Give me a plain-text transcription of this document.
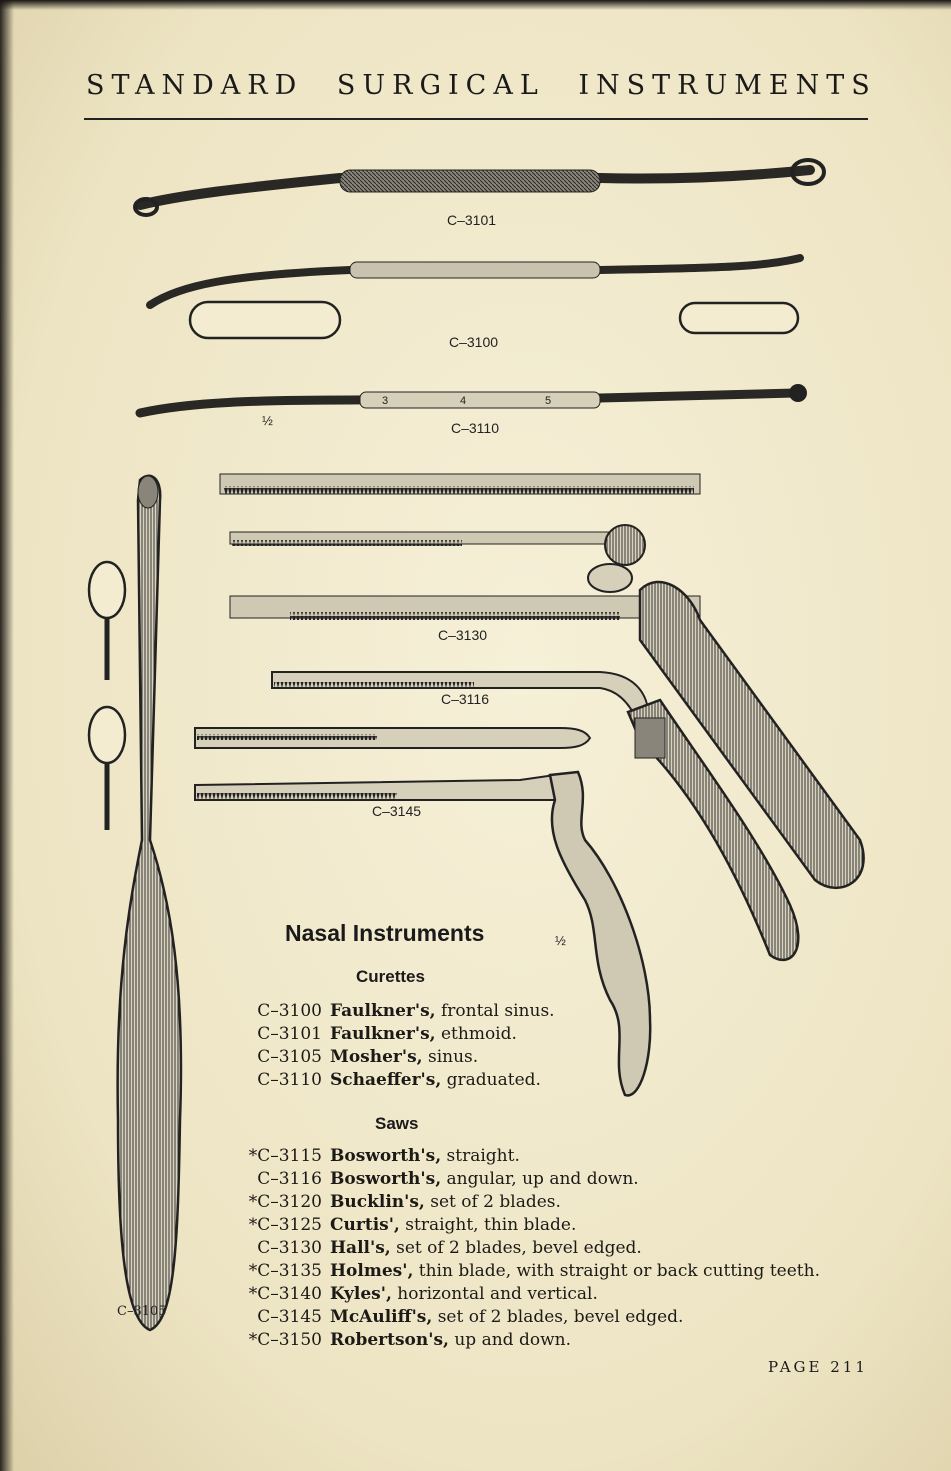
STANDARD SURGICAL INSTRUMENTS
C–3101
C–3100
3	4	5
½	C–3110
C–3130
C–3116
C–3145
½
C–3105
Nasal Instruments
Curettes
C–3100 Faulkner's, frontal sinus.
C–3101 Faulkner's, ethmoid.
C–3105 Mosher's, sinus.
C–3110 Schaeffer's, graduated.
Saws
*C–3115 Bosworth's, straight.
C–3116 Bosworth's, angular, up and down.
*C–3120 Bucklin's, set of 2 blades.
*C–3125 Curtis', straight, thin blade.
C–3130 Hall's, set of 2 blades, bevel edged.
*C–3135 Holmes', thin blade, with straight or back cutting teeth.
*C–3140 Kyles', horizontal and vertical.
C–3145 McAuliff's, set of 2 blades, bevel edged.
*C–3150 Robertson's, up and down.
PAGE 211
